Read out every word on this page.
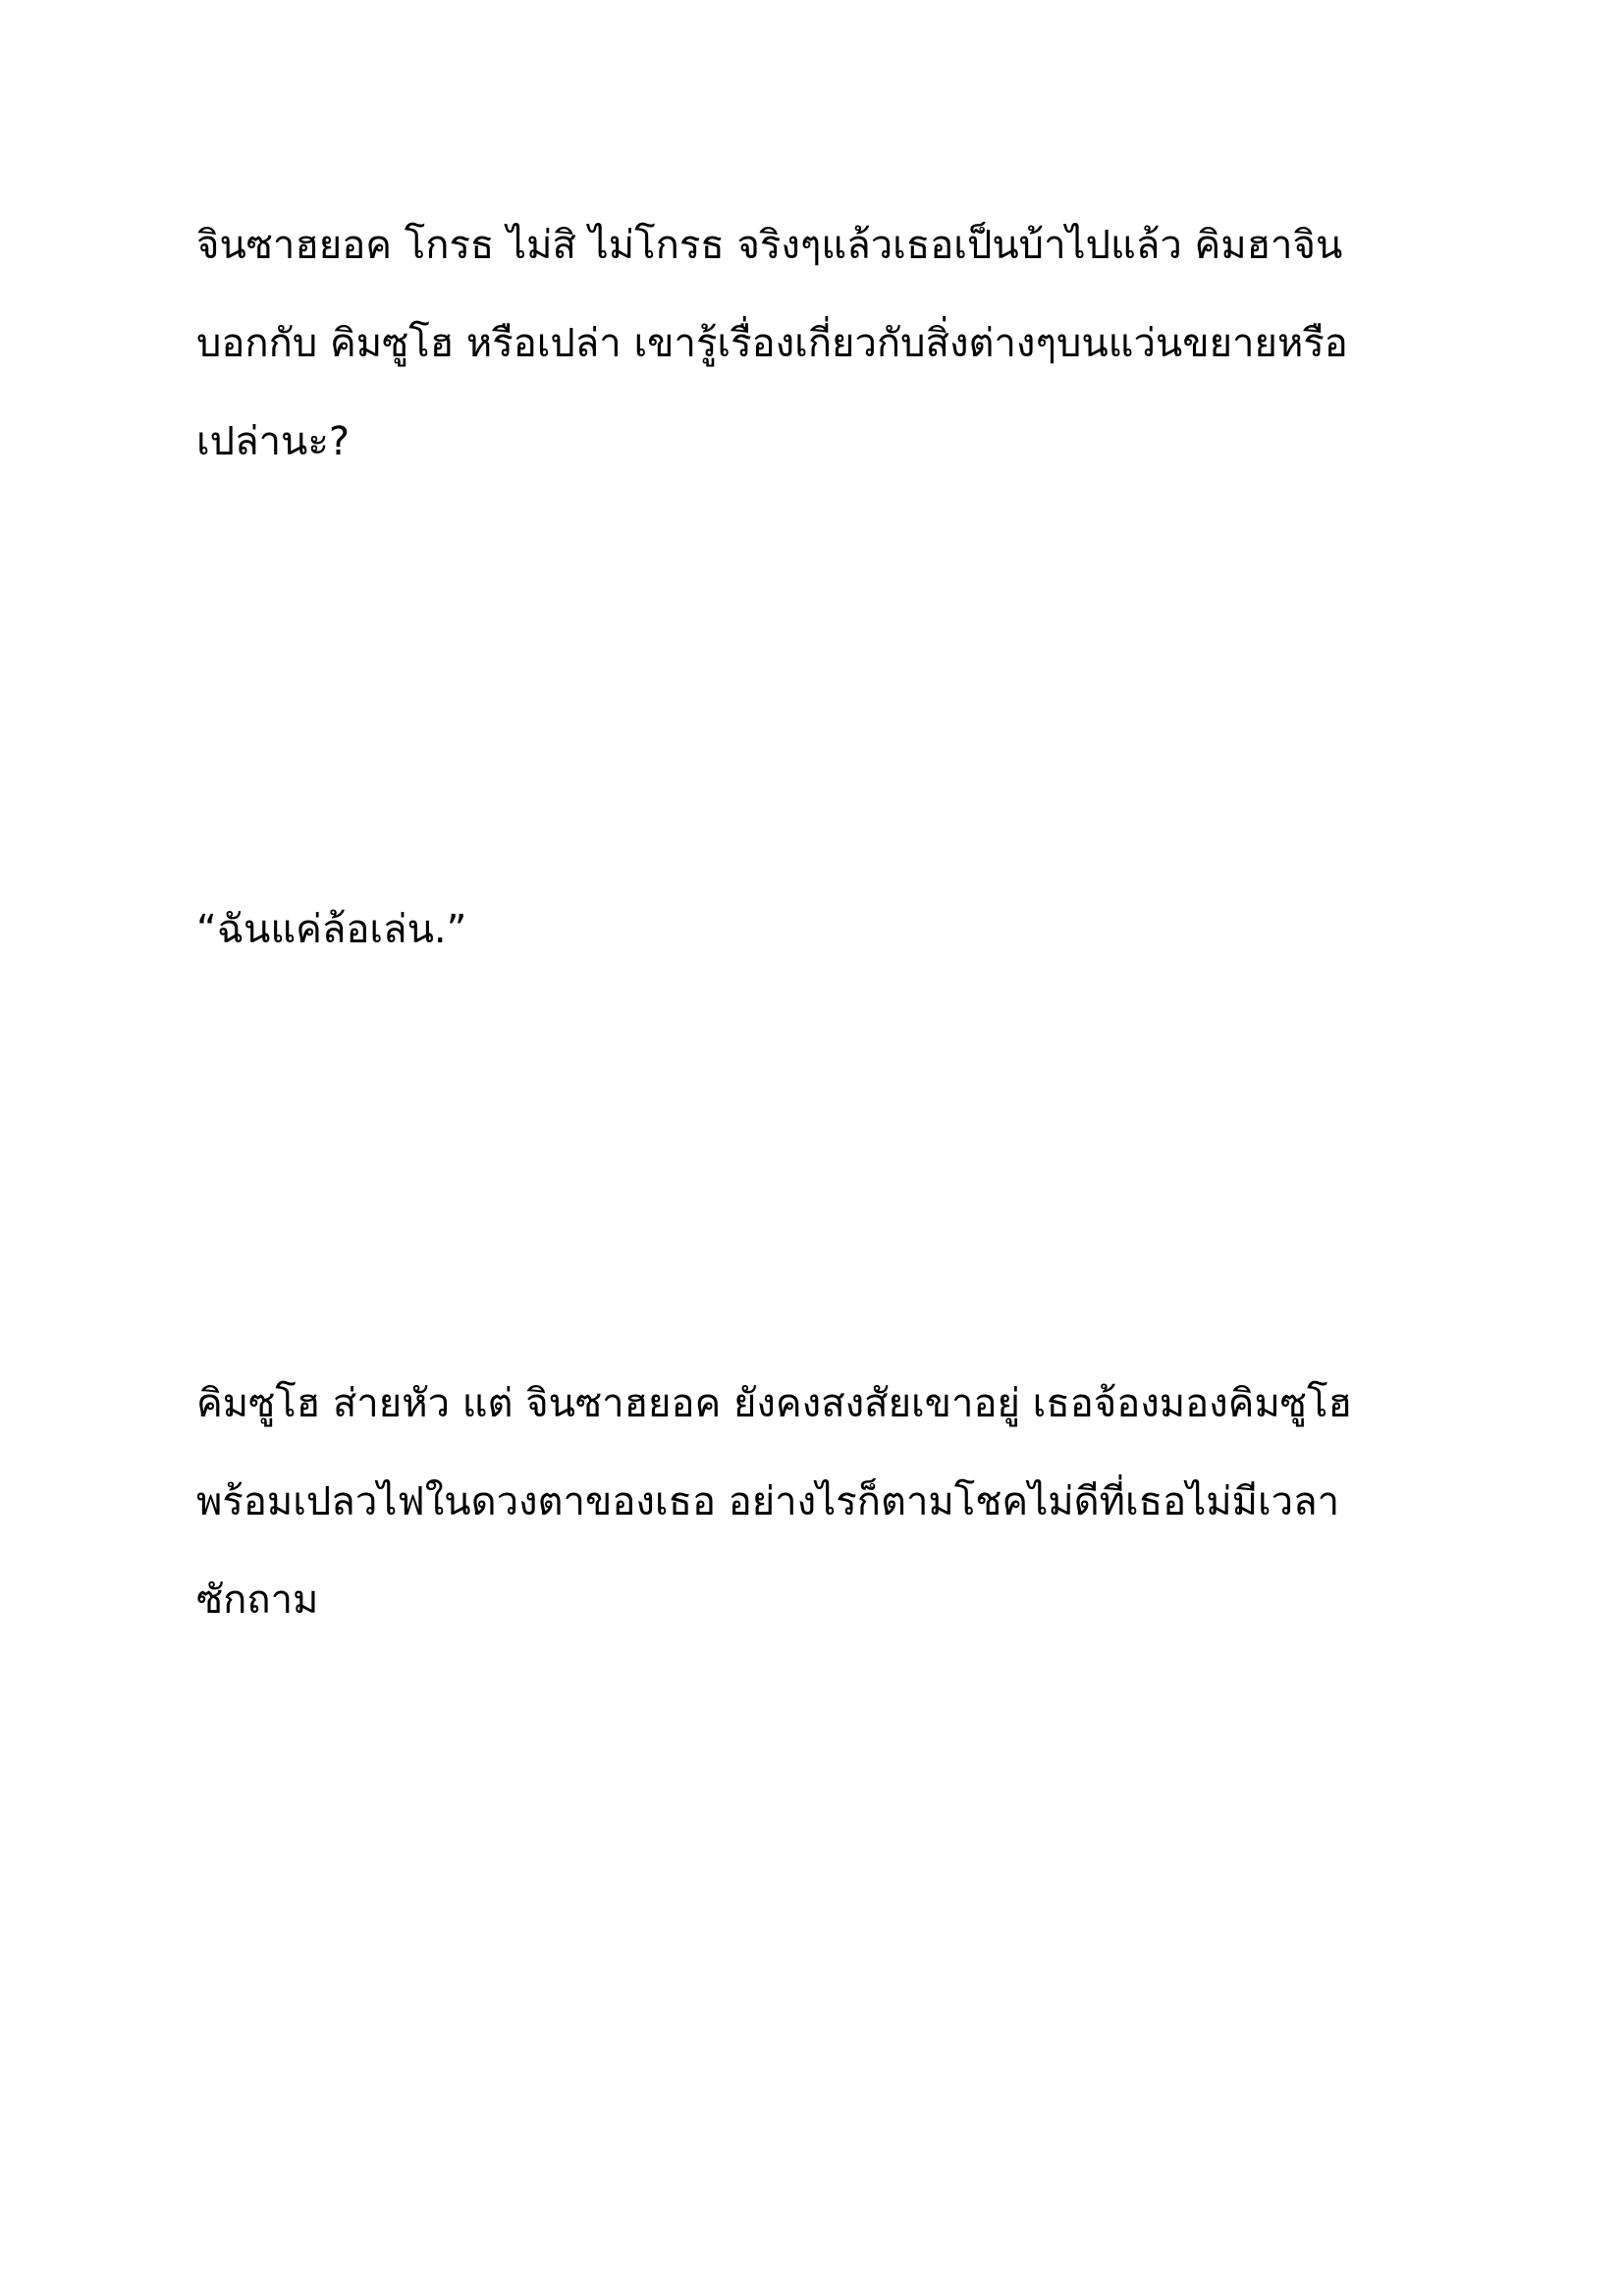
จินซาฮยอค โกรธ ไม่สิ ไม่โกรธ จริงๆแล้วเธอเป็นบ้าไปแล้ว คิมฮาจิน
บอกกับ คิมซูโฮ หรือเปล่า เขารู้เรื่องเกี่ยวกับสิ่งต่างๆบนแว่นขยายหรือ
เปล่านะ?

“ฉันแค่ล้อเล่น.”

คิมซูโฮ ส่ายหัว แต่ จินซาฮยอค ยังคงสงสัยเขาอยู่ เธอจ้องมองคิมซูโฮ
พร้อมเปลวไฟในดวงตาของเธอ อย่างไรก็ตามโชคไม่ดีที่เธอไม่มีเวลา
ซักถาม
